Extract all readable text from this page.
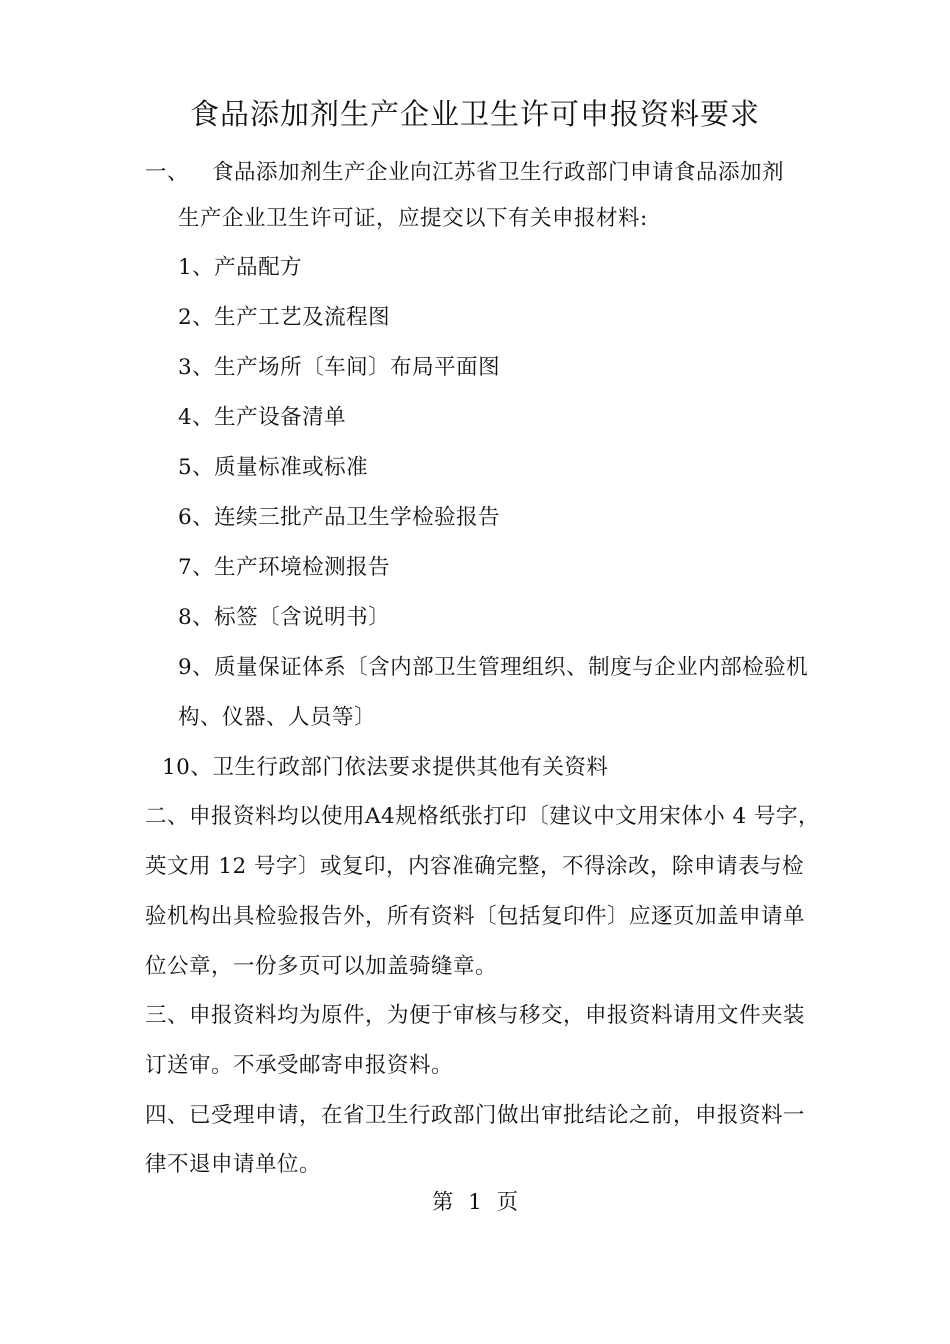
食品添加剂生产企业卫生许可申报资料要求
一、 食品添加剂生产企业向江苏省卫生行政部门申请食品添加剂
生产企业卫生许可证，应提交以下有关申报材料:
1、产品配方
2、生产工艺及流程图
3、生产场所〔车间〕布局平面图
4、生产设备清单
5、质量标准或标准
6、连续三批产品卫生学检验报告
7、生产环境检测报告
8、标签〔含说明书〕
9、质量保证体系〔含内部卫生管理组织、制度与企业内部检验机
构、仪器、人员等〕
10、卫生行政部门依法要求提供其他有关资料
二、申报资料均以使用A4规格纸张打印〔建议中文用宋体小 4 号字，
英文用 12 号字〕或复印，内容准确完整，不得涂改，除申请表与检
验机构出具检验报告外，所有资料〔包括复印件〕应逐页加盖申请单
位公章，一份多页可以加盖骑缝章。
三、申报资料均为原件，为便于审核与移交，申报资料请用文件夹装
订送审。不承受邮寄申报资料。
四、已受理申请，在省卫生行政部门做出审批结论之前，申报资料一
律不退申请单位。
第 1 页
